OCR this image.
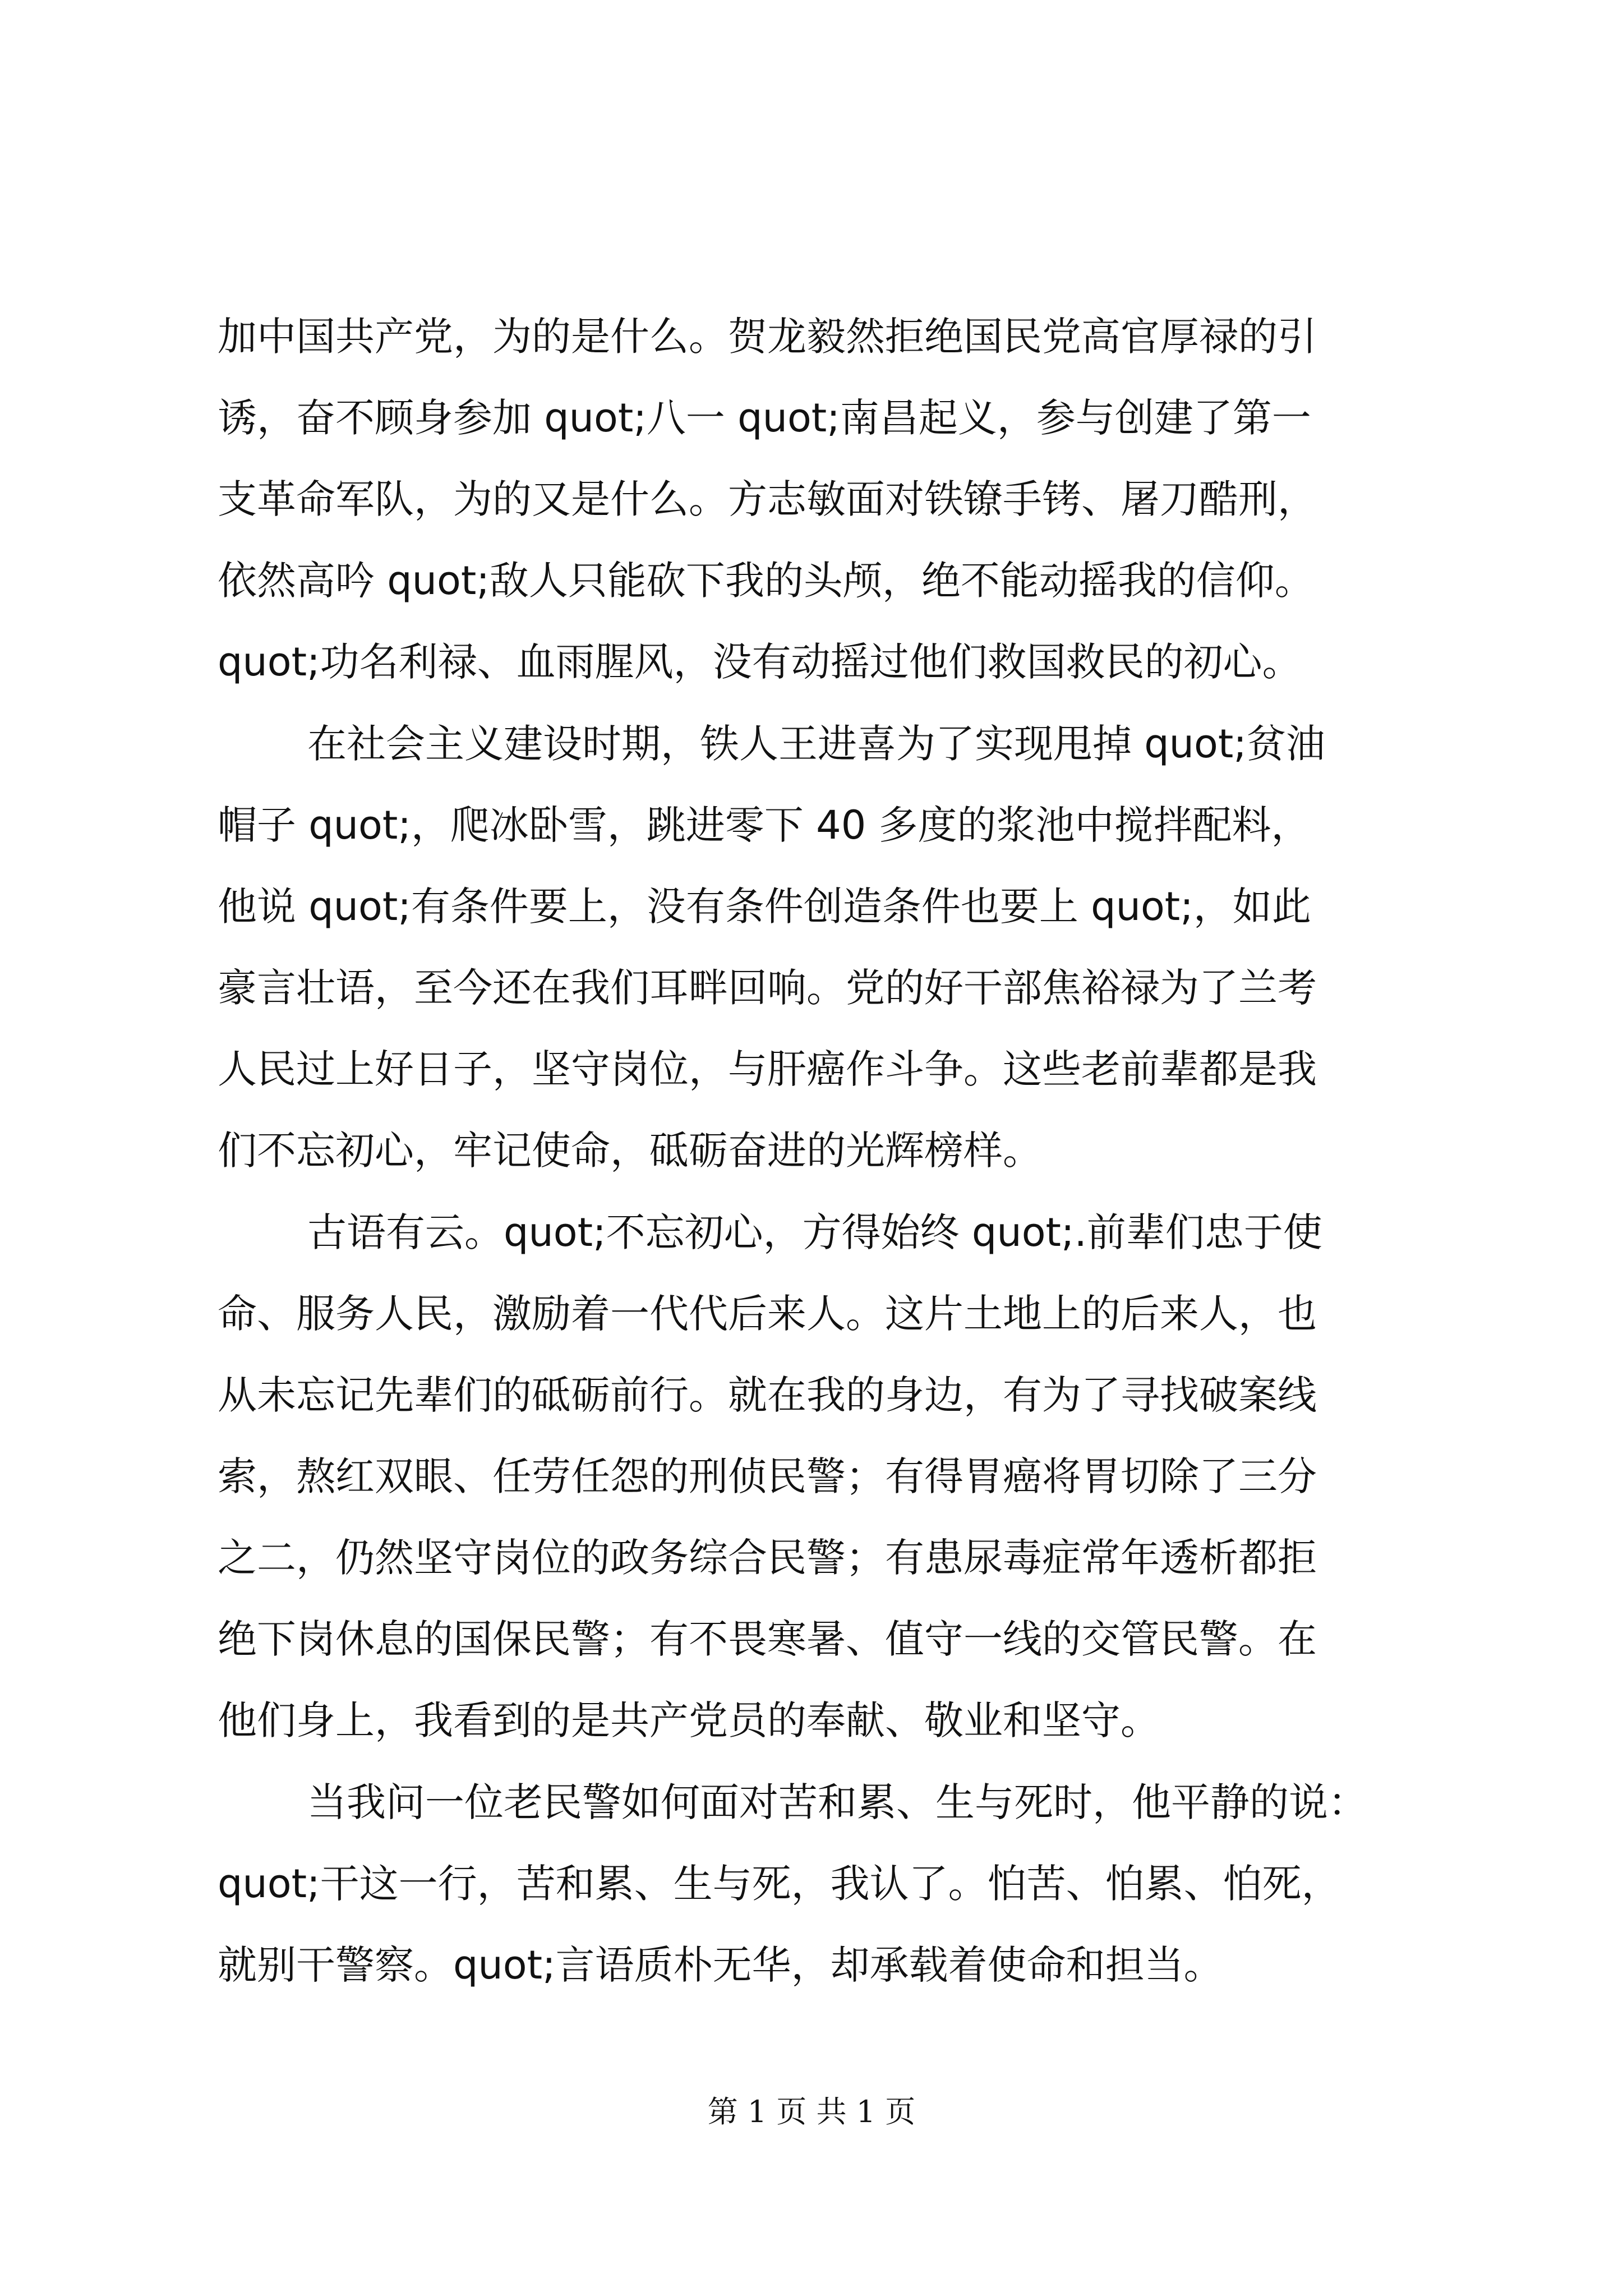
加中国共产党，为的是什么。贺龙毅然拒绝国民党高官厚禄的引
诱，奋不顾身参加 quot;八一 quot;南昌起义，参与创建了第一
支革命军队，为的又是什么。方志敏面对铁镣手铐、屠刀酷刑，
依然高吟 quot;敌人只能砍下我的头颅，绝不能动摇我的信仰。
quot;功名利禄、血雨腥风，没有动摇过他们救国救民的初心。
在社会主义建设时期，铁人王进喜为了实现甩掉 quot;贫油
帽子 quot;，爬冰卧雪，跳进零下 40 多度的浆池中搅拌配料，
他说 quot;有条件要上，没有条件创造条件也要上 quot;，如此
豪言壮语，至今还在我们耳畔回响。党的好干部焦裕禄为了兰考
人民过上好日子，坚守岗位，与肝癌作斗争。这些老前辈都是我
们不忘初心，牢记使命，砥砺奋进的光辉榜样。
古语有云。quot;不忘初心，方得始终 quot;.前辈们忠于使
命、服务人民，激励着一代代后来人。这片土地上的后来人，也
从未忘记先辈们的砥砺前行。就在我的身边，有为了寻找破案线
索，熬红双眼、任劳任怨的刑侦民警；有得胃癌将胃切除了三分
之二，仍然坚守岗位的政务综合民警；有患尿毒症常年透析都拒
绝下岗休息的国保民警；有不畏寒暑、值守一线的交管民警。在
他们身上，我看到的是共产党员的奉献、敬业和坚守。
当我问一位老民警如何面对苦和累、生与死时，他平静的说：
quot;干这一行，苦和累、生与死，我认了。怕苦、怕累、怕死，
就别干警察。quot;言语质朴无华，却承载着使命和担当。
第 1 页 共 1 页
